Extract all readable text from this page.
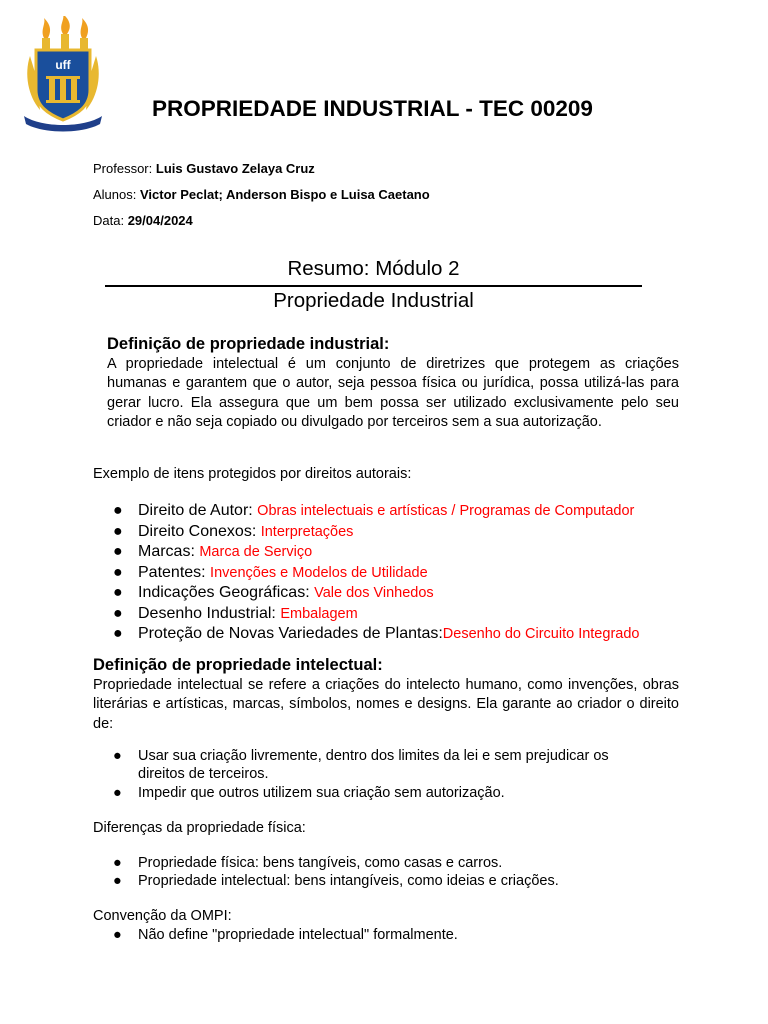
uff
PROPRIEDADE INDUSTRIAL - TEC 00209
Professor: Luis Gustavo Zelaya Cruz
Alunos: Victor Peclat; Anderson Bispo e Luisa Caetano
Data: 29/04/2024
Resumo: Módulo 2
Propriedade Industrial
Definição de propriedade industrial:

A propriedade intelectual é um conjunto de diretrizes que protegem as criações humanas e garantem que o autor, seja pessoa física ou jurídica, possa utilizá-las para gerar lucro. Ela assegura que um bem possa ser utilizado exclusivamente pelo seu criador e não seja copiado ou divulgado por terceiros sem a sua autorização.

Exemplo de itens protegidos por direitos autorais:
● Direito de Autor: Obras intelectuais e artísticas / Programas de Computador
● Direito Conexos: Interpretações
● Marcas: Marca de Serviço
● Patentes: Invenções e Modelos de Utilidade
● Indicações Geográficas: Vale dos Vinhedos
● Desenho Industrial: Embalagem
● Proteção de Novas Variedades de Plantas:Desenho do Circuito Integrado
Definição de propriedade intelectual:

Propriedade intelectual se refere a criações do intelecto humano, como invenções, obras literárias e artísticas, marcas, símbolos, nomes e designs. Ela garante ao criador o direito de:

● Usar sua criação livremente, dentro dos limites da lei e sem prejudicar os direitos de terceiros.
● Impedir que outros utilizem sua criação sem autorização.
Diferenças da propriedade física:
● Propriedade física: bens tangíveis, como casas e carros.
● Propriedade intelectual: bens intangíveis, como ideias e criações.
Convenção da OMPI:
● Não define "propriedade intelectual" formalmente.
